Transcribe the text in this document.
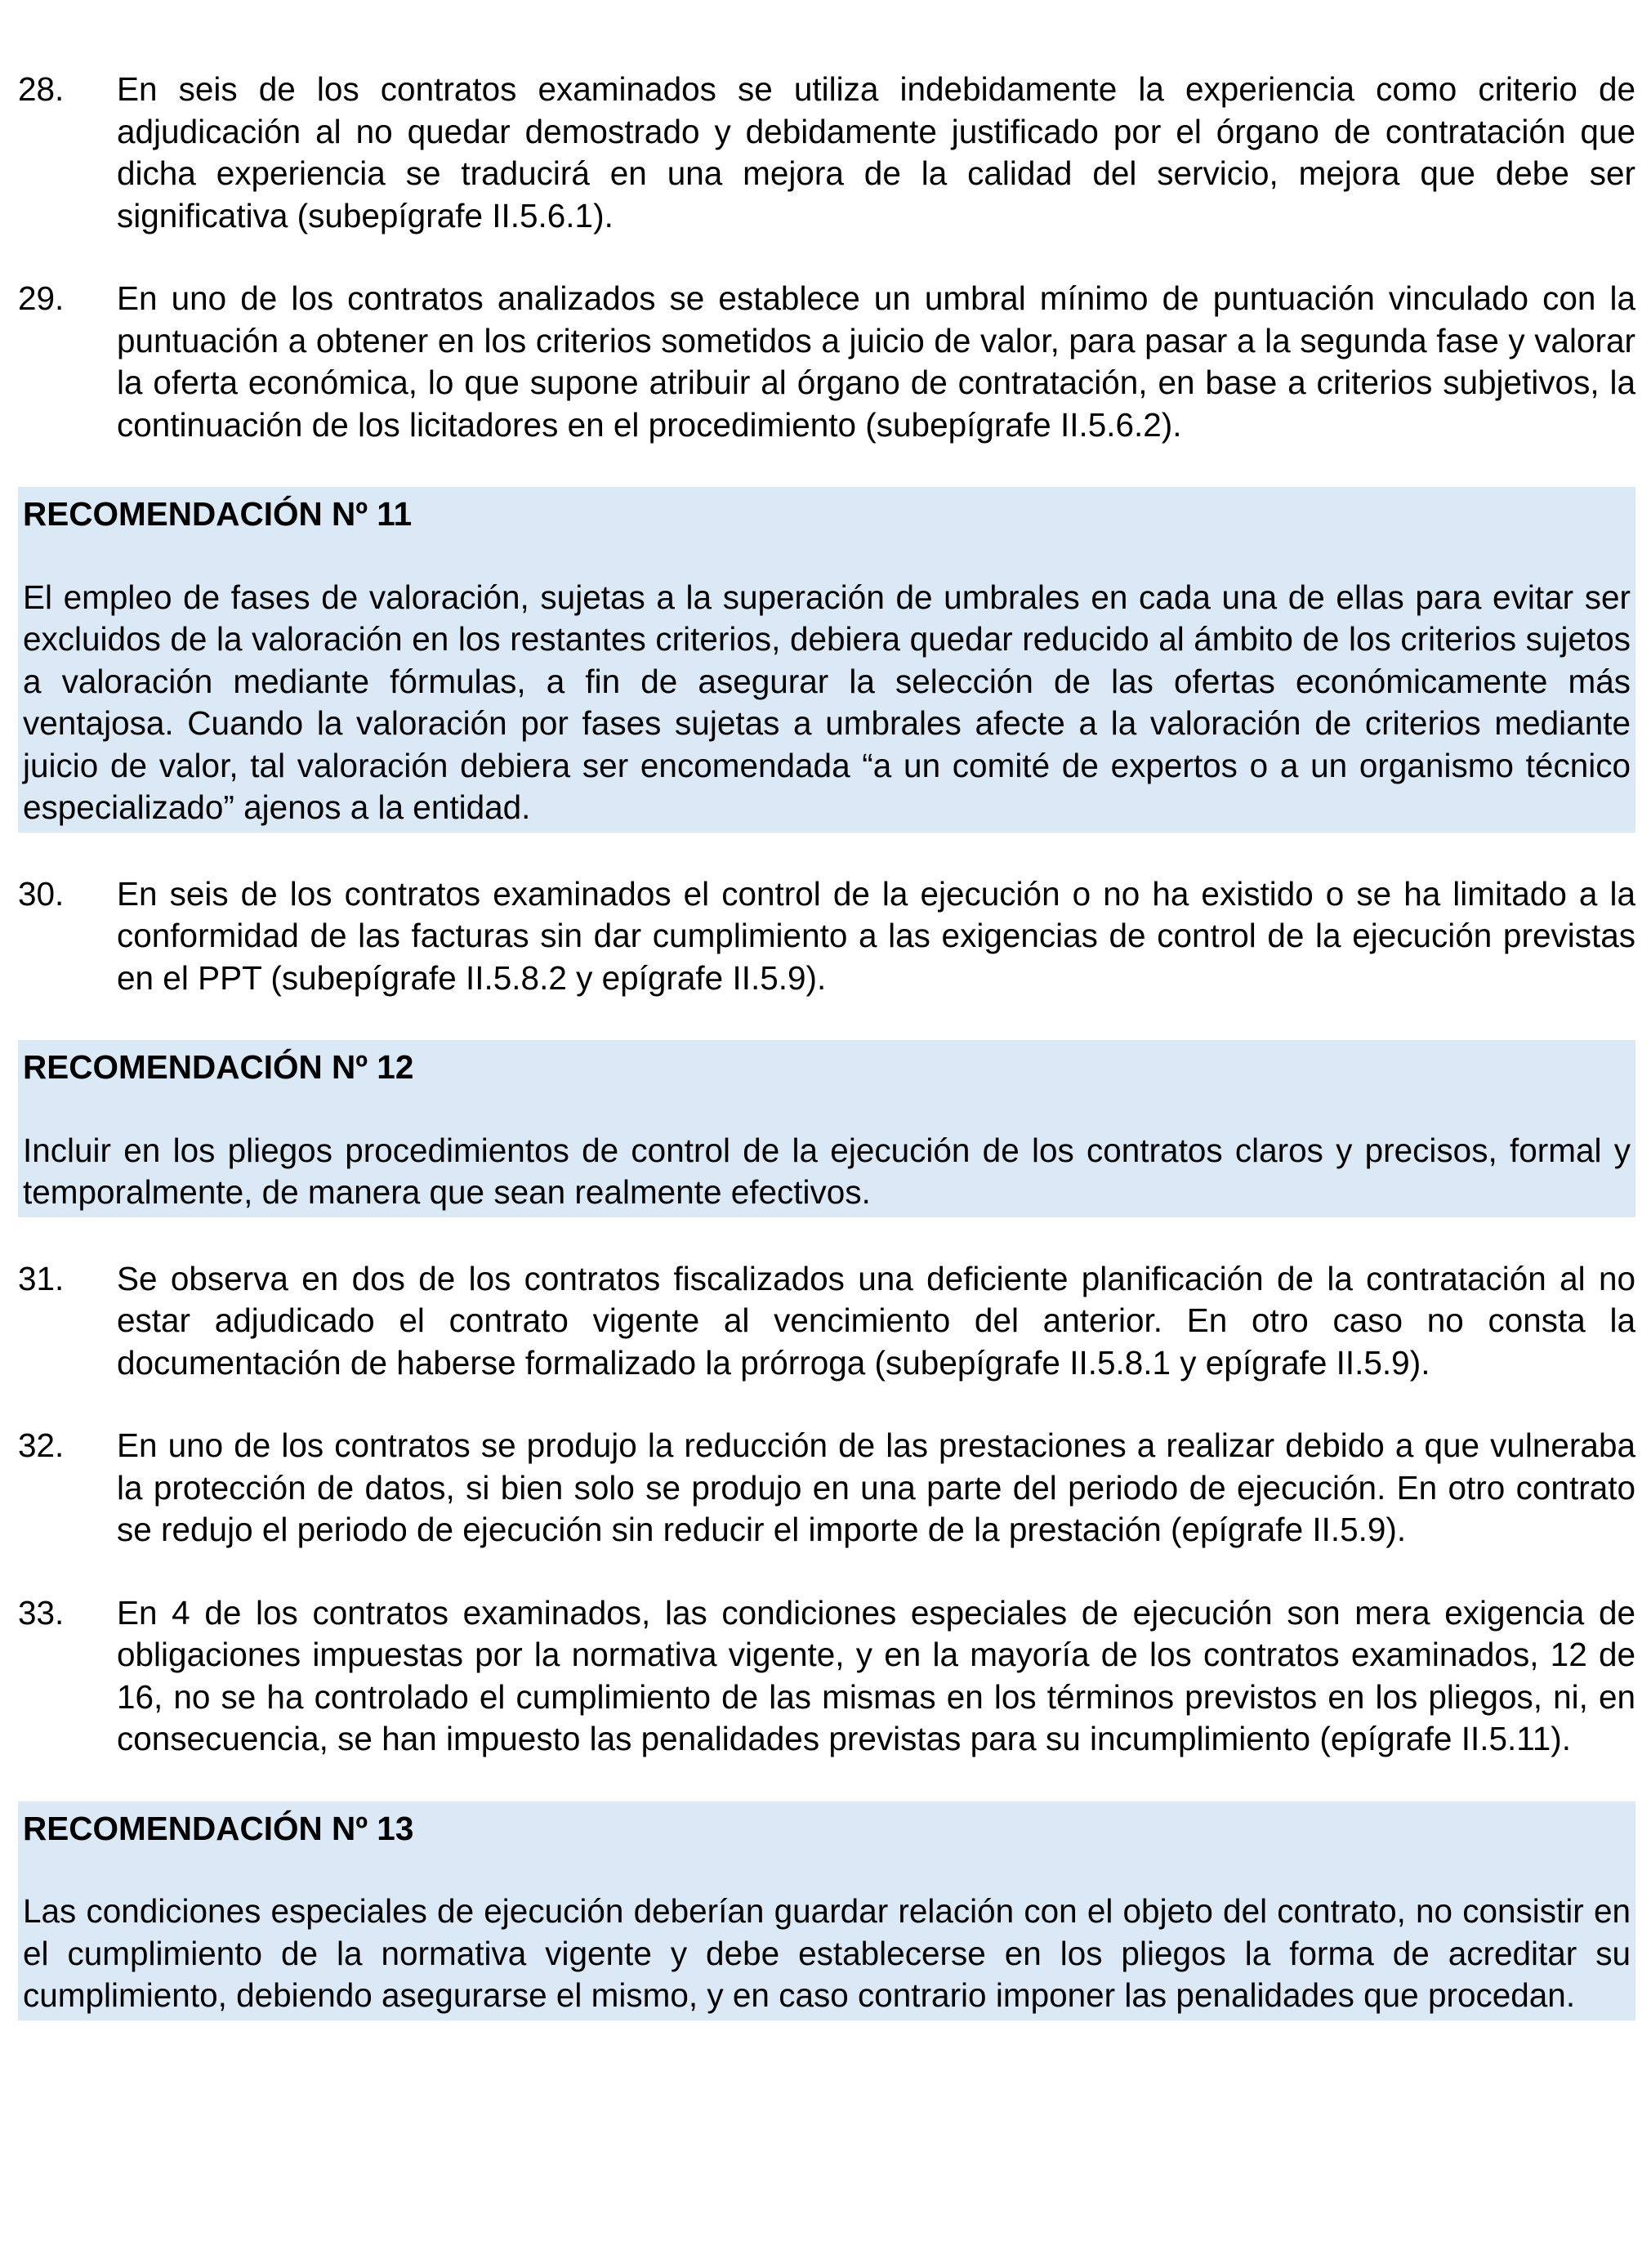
28.	En seis de los contratos examinados se utiliza indebidamente la experiencia como criterio de adjudicación al no quedar demostrado y debidamente justificado por el órgano de contratación que dicha experiencia se traducirá en una mejora de la calidad del servicio, mejora que debe ser significativa (subepígrafe II.5.6.1).
29.	En uno de los contratos analizados se establece un umbral mínimo de puntuación vinculado con la puntuación a obtener en los criterios sometidos a juicio de valor, para pasar a la segunda fase y valorar la oferta económica, lo que supone atribuir al órgano de contratación, en base a criterios subjetivos, la continuación de los licitadores en el procedimiento (subepígrafe II.5.6.2).
RECOMENDACIÓN Nº 11
El empleo de fases de valoración, sujetas a la superación de umbrales en cada una de ellas para evitar ser excluidos de la valoración en los restantes criterios, debiera quedar reducido al ámbito de los criterios sujetos a valoración mediante fórmulas, a fin de asegurar la selección de las ofertas económicamente más ventajosa. Cuando la valoración por fases sujetas a umbrales afecte a la valoración de criterios mediante juicio de valor, tal valoración debiera ser encomendada “a un comité de expertos o a un organismo técnico especializado” ajenos a la entidad.
30.	En seis de los contratos examinados el control de la ejecución o no ha existido o se ha limitado a la conformidad de las facturas sin dar cumplimiento a las exigencias de control de la ejecución previstas en el PPT (subepígrafe II.5.8.2 y epígrafe II.5.9).
RECOMENDACIÓN Nº 12
Incluir en los pliegos procedimientos de control de la ejecución de los contratos claros y precisos, formal y temporalmente, de manera que sean realmente efectivos.
31.	Se observa en dos de los contratos fiscalizados una deficiente planificación de la contratación al no estar adjudicado el contrato vigente al vencimiento del anterior. En otro caso no consta la documentación de haberse formalizado la prórroga (subepígrafe II.5.8.1 y epígrafe II.5.9).
32.	En uno de los contratos se produjo la reducción de las prestaciones a realizar debido a que vulneraba la protección de datos, si bien solo se produjo en una parte del periodo de ejecución. En otro contrato se redujo el periodo de ejecución sin reducir el importe de la prestación (epígrafe II.5.9).
33.	En 4 de los contratos examinados, las condiciones especiales de ejecución son mera exigencia de obligaciones impuestas por la normativa vigente, y en la mayoría de los contratos examinados, 12 de 16, no se ha controlado el cumplimiento de las mismas en los términos previstos en los pliegos, ni, en consecuencia, se han impuesto las penalidades previstas para su incumplimiento (epígrafe II.5.11).
RECOMENDACIÓN Nº 13
Las condiciones especiales de ejecución deberían guardar relación con el objeto del contrato, no consistir en el cumplimiento de la normativa vigente y debe establecerse en los pliegos la forma de acreditar su cumplimiento, debiendo asegurarse el mismo, y en caso contrario imponer las penalidades que procedan.
